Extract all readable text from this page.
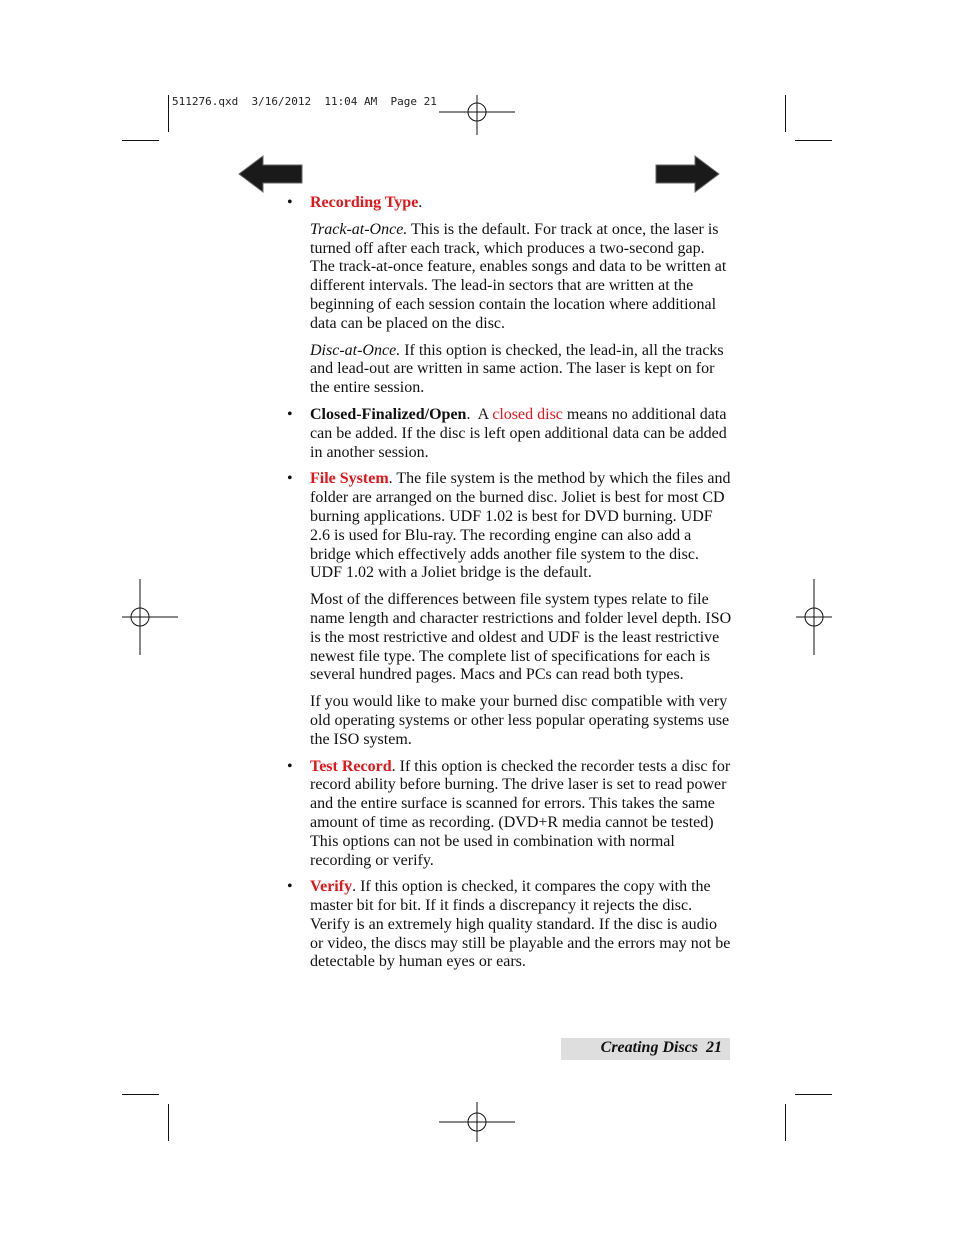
511276.qxd  3/16/2012  11:04 AM  Page 21
• Recording Type.
Track-at-Once. This is the default. For track at once, the laser is turned off after each track, which produces a two-second gap. The track-at-once feature, enables songs and data to be written at different intervals. The lead-in sectors that are written at the beginning of each session contain the location where additional data can be placed on the disc.
Disc-at-Once. If this option is checked, the lead-in, all the tracks and lead-out are written in same action. The laser is kept on for the entire session.
• Closed-Finalized/Open.  A closed disc means no additional data can be added. If the disc is left open additional data can be added in another session.
• File System. The file system is the method by which the files and folder are arranged on the burned disc. Joliet is best for most CD burning applications. UDF 1.02 is best for DVD burning. UDF 2.6 is used for Blu-ray. The recording engine can also add a bridge which effectively adds another file system to the disc. UDF 1.02 with a Joliet bridge is the default.
Most of the differences between file system types relate to file name length and character restrictions and folder level depth. ISO is the most restrictive and oldest and UDF is the least restrictive newest file type. The complete list of specifications for each is several hundred pages. Macs and PCs can read both types.
If you would like to make your burned disc compatible with very old operating systems or other less popular operating systems use the ISO system.
• Test Record. If this option is checked the recorder tests a disc for record ability before burning. The drive laser is set to read power and the entire surface is scanned for errors. This takes the same amount of time as recording. (DVD+R media cannot be tested) This options can not be used in combination with normal recording or verify.
• Verify. If this option is checked, it compares the copy with the master bit for bit. If it finds a discrepancy it rejects the disc. Verify is an extremely high quality standard. If the disc is audio or video, the discs may still be playable and the errors may not be detectable by human eyes or ears.
Creating Discs 21
